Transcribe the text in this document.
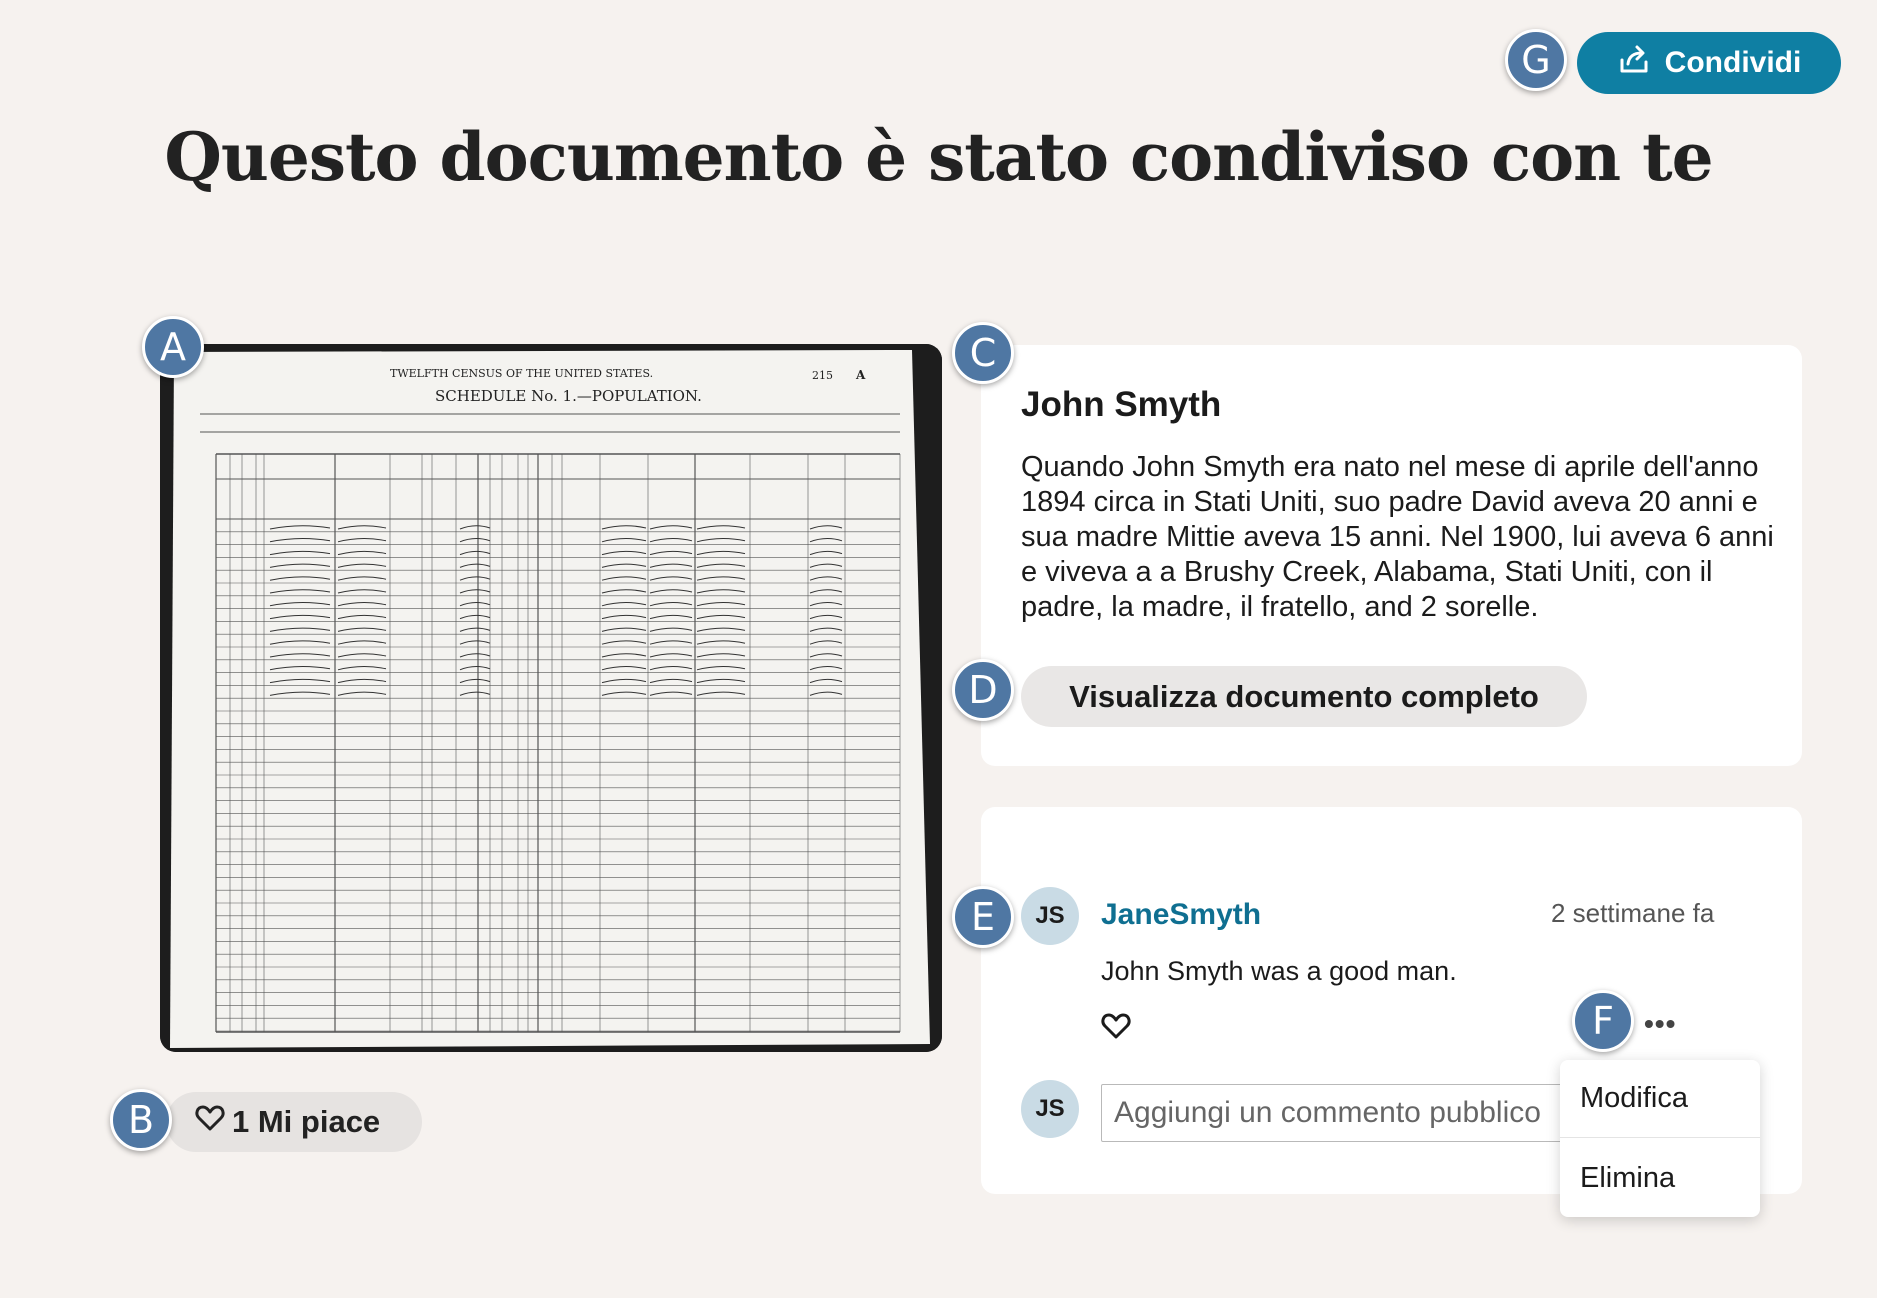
Condividi
Questo documento è stato condiviso con te
TWELFTH CENSUS OF THE UNITED STATES.
SCHEDULE No. 1.—POPULATION.
215 A
1 Mi piace
John Smyth

Quando John Smyth era nato nel mese di aprile dell'anno 1894 circa in Stati Uniti, suo padre David aveva 20 anni e sua madre Mittie aveva 15 anni. Nel 1900, lui aveva 6 anni e viveva a a Brushy Creek, Alabama, Stati Uniti, con il padre, la madre, il fratello, and 2 sorelle.

Visualizza documento completo
JS	JaneSmyth	2 settimane fa
John Smyth was a good man.
•••
JS
Aggiungi un commento pubblico	Modifica
Elimina
G
A
B
C
D
E
F
